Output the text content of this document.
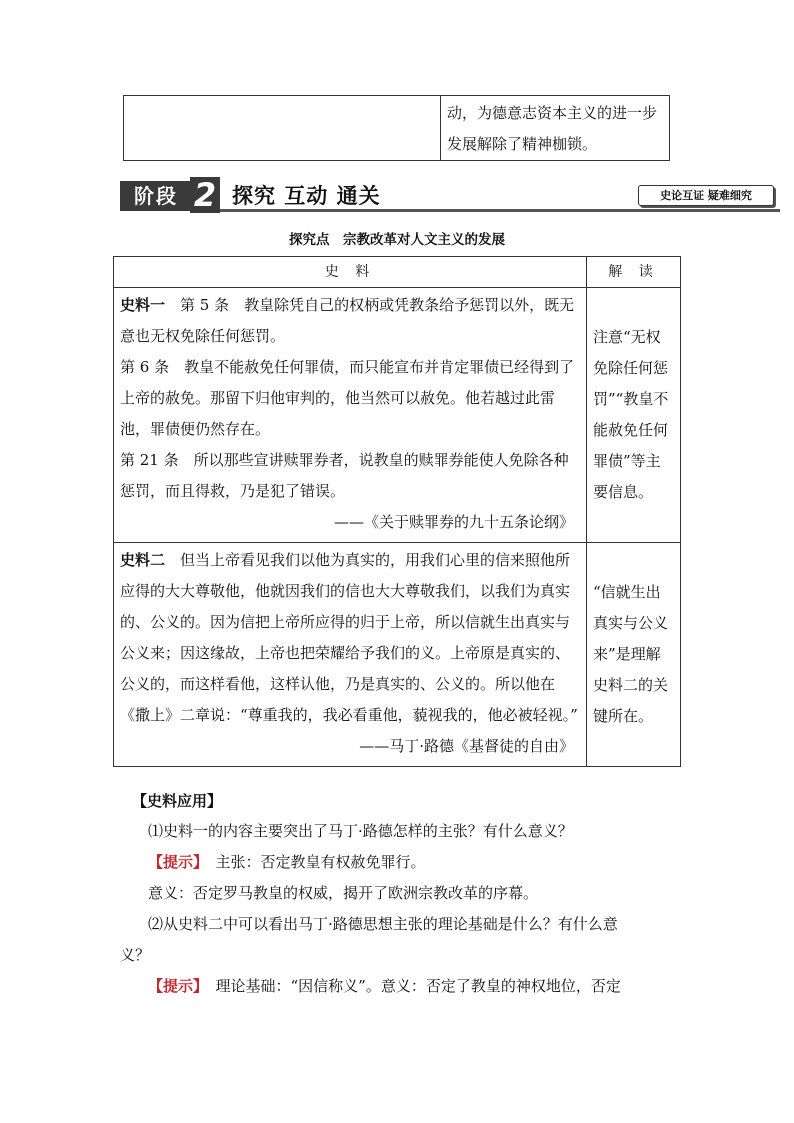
	动，为德意志资本主义的进一步发展解除了精神枷锁。
阶段 2 探究 互动 通关	史论互证 疑难细究
探究点　宗教改革对人文主义的发展
史 料	解 读

史料一　第 5 条　教皇除凭自己的权柄或凭教条给予惩罚以外，既无意也无权免除任何惩罚。

第 6 条　教皇不能赦免任何罪债，而只能宣布并肯定罪债已经得到了上帝的赦免。那留下归他审判的，他当然可以赦免。他若越过此雷池，罪债便仍然存在。

第 21 条　所以那些宣讲赎罪券者，说教皇的赎罪券能使人免除各种惩罚，而且得救，乃是犯了错误。

——《关于赎罪券的九十五条论纲》	注意“无权免除任何惩罚”“教皇不能赦免任何罪债”等主要信息。

史料二　但当上帝看见我们以他为真实的，用我们心里的信来照他所应得的大大尊敬他，他就因我们的信也大大尊敬我们，以我们为真实的、公义的。因为信把上帝所应得的归于上帝，所以信就生出真实与公义来；因这缘故，上帝也把荣耀给予我们的义。上帝原是真实的、公义的，而这样看他，这样认他，乃是真实的、公义的。所以他在《撒上》二章说：“尊重我的，我必看重他，藐视我的，他必被轻视。”

——马丁·路德《基督徒的自由》	“信就生出真实与公义来”是理解史料二的关键所在。
【史料应用】
⑴史料一的内容主要突出了马丁·路德怎样的主张？有什么意义？
【提示】　主张：否定教皇有权赦免罪行。
意义：否定罗马教皇的权威，揭开了欧洲宗教改革的序幕。
⑵从史料二中可以看出马丁·路德思想主张的理论基础是什么？有什么意
义？
【提示】　理论基础：“因信称义”。意义：否定了教皇的神权地位，否定
